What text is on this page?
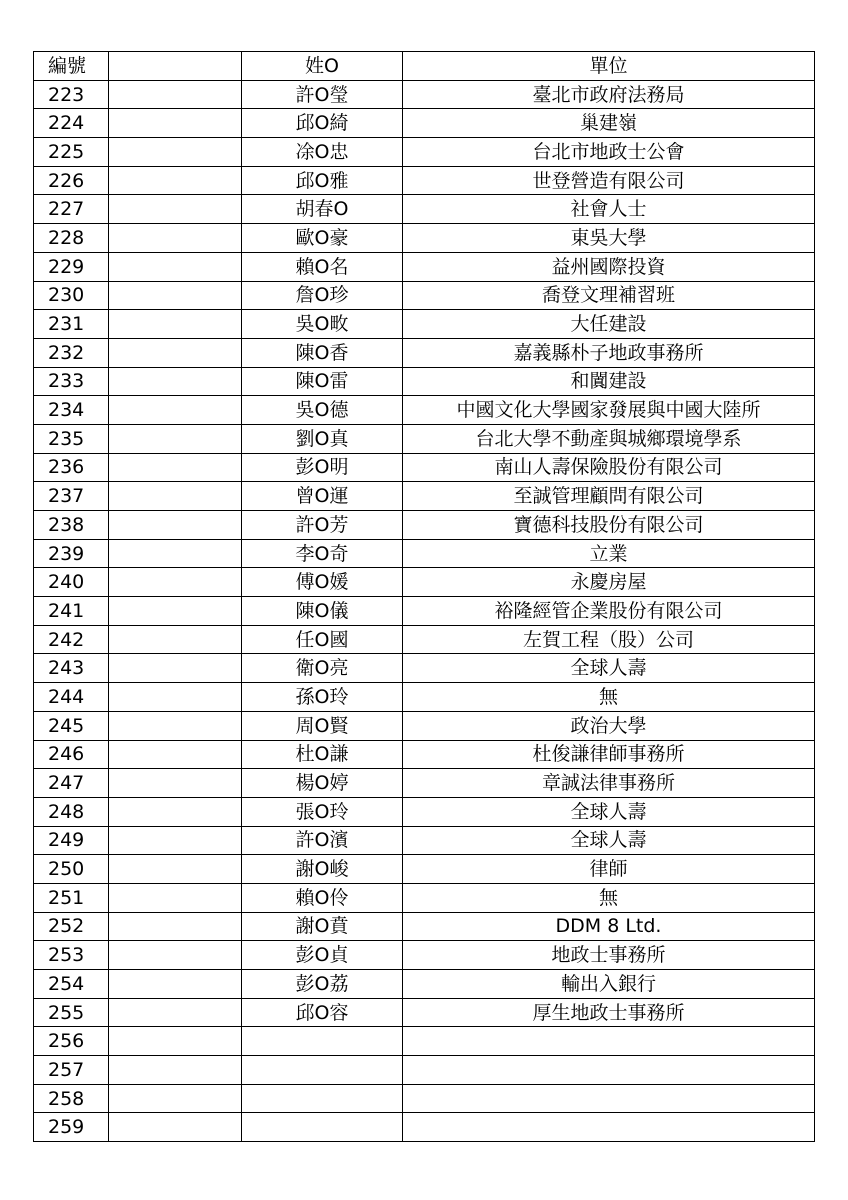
編號		姓O	單位
223		許O瑩	臺北市政府法務局
224		邱O綺	巢建嶺
225		凃O忠	台北市地政士公會
226		邱O雅	世登營造有限公司
227		胡春O	社會人士
228		歐O豪	東吳大學
229		賴O名	益州國際投資
230		詹O珍	喬登文理補習班
231		吳O畋	大任建設
232		陳O香	嘉義縣朴子地政事務所
233		陳O雷	和闐建設
234		吳O德	中國文化大學國家發展與中國大陸所
235		劉O真	台北大學不動產與城鄉環境學系
236		彭O明	南山人壽保險股份有限公司
237		曾O運	至誠管理顧問有限公司
238		許O芳	寶德科技股份有限公司
239		李O奇	立業
240		傅O媛	永慶房屋
241		陳O儀	裕隆經管企業股份有限公司
242		任O國	左賀工程（股）公司
243		衛O亮	全球人壽
244		孫O玲	無
245		周O賢	政治大學
246		杜O謙	杜俊謙律師事務所
247		楊O婷	章誠法律事務所
248		張O玲	全球人壽
249		許O濱	全球人壽
250		謝O峻	律師
251		賴O伶	無
252		謝O賁	DDM 8 Ltd.
253		彭O貞	地政士事務所
254		彭O荔	輸出入銀行
255		邱O容	厚生地政士事務所
256			
257			
258			
259			
